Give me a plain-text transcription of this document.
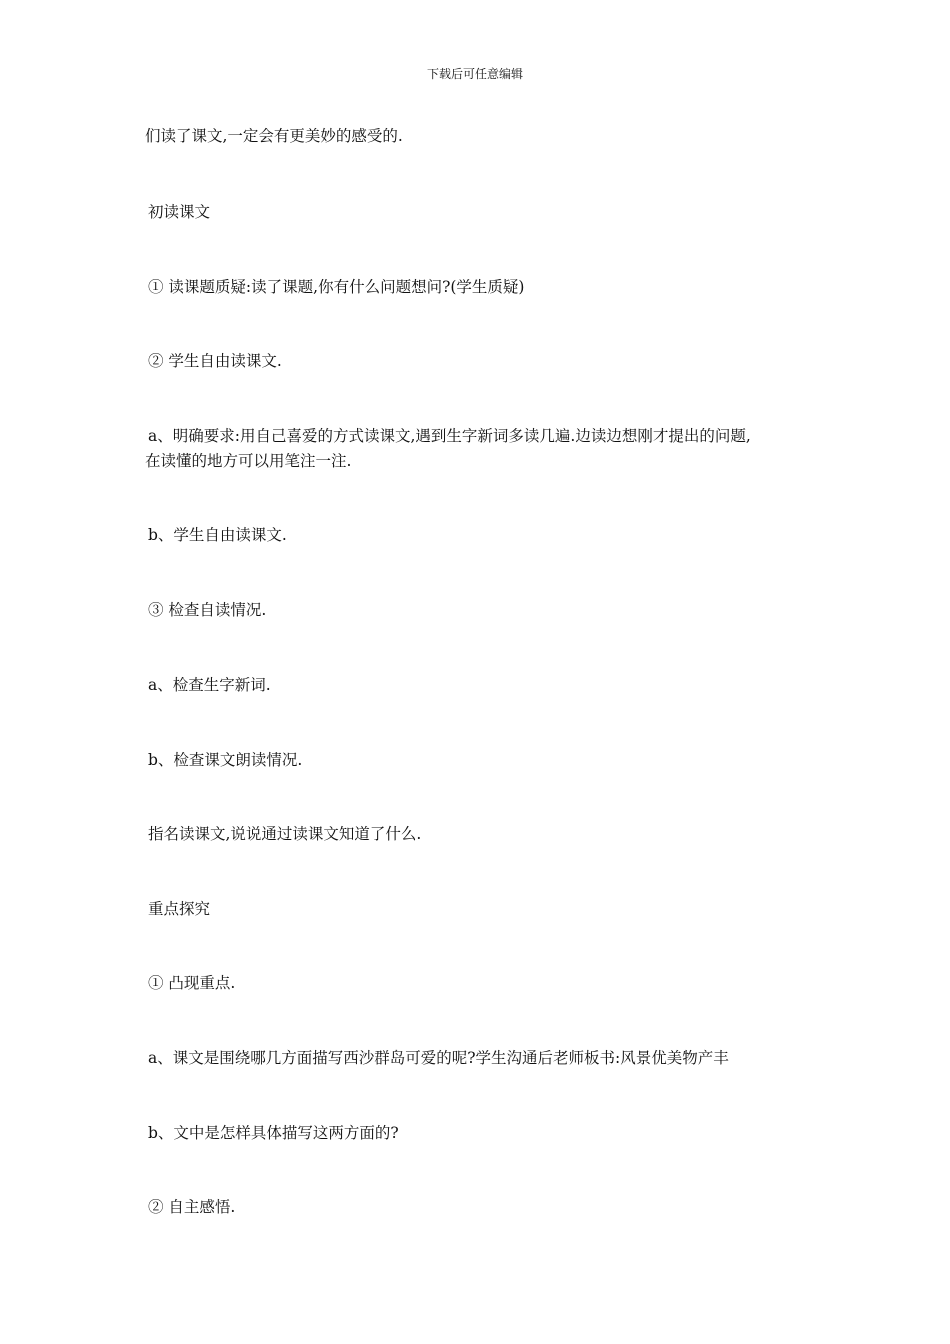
下载后可任意编辑

们读了课文,一定会有更美妙的感受的.

初读课文

① 读课题质疑:读了课题,你有什么问题想问?(学生质疑)

② 学生自由读课文.

a、明确要求:用自己喜爱的方式读课文,遇到生字新词多读几遍.边读边想刚才提出的问题,
在读懂的地方可以用笔注一注.

b、学生自由读课文.

③ 检查自读情况.

a、检查生字新词.

b、检查课文朗读情况.

指名读课文,说说通过读课文知道了什么.

重点探究

① 凸现重点.

a、课文是围绕哪几方面描写西沙群岛可爱的呢?学生沟通后老师板书:风景优美物产丰

b、文中是怎样具体描写这两方面的?

② 自主感悟.
